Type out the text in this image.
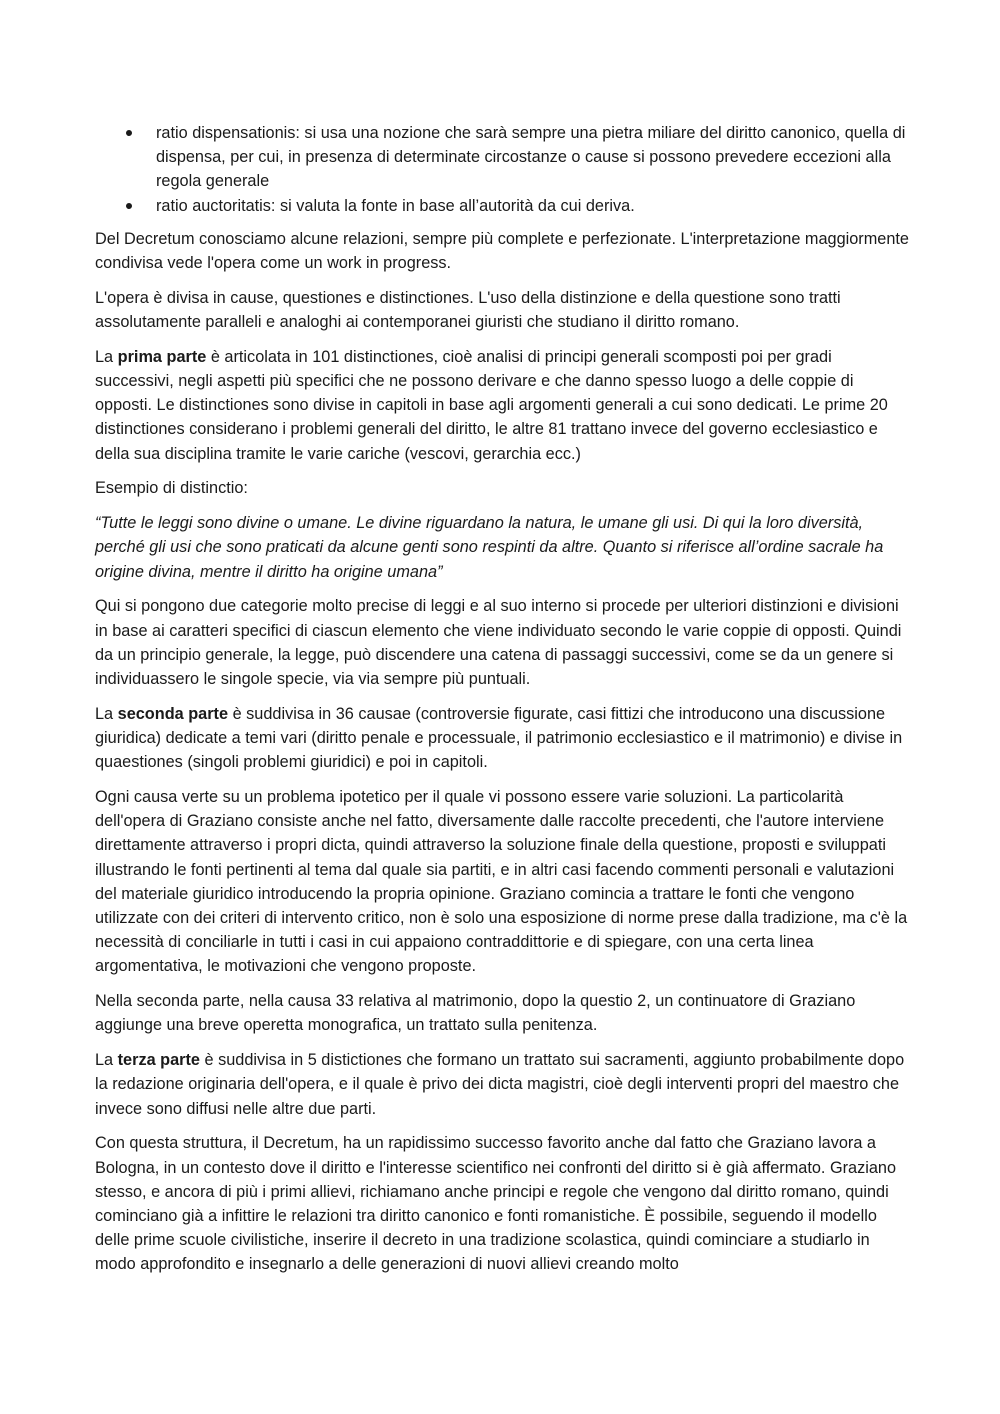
ratio dispensationis: si usa una nozione che sarà sempre una pietra miliare del diritto canonico, quella di dispensa, per cui, in presenza di determinate circostanze o cause si possono prevedere eccezioni alla regola generale
ratio auctoritatis: si valuta la fonte in base all’autorità da cui deriva.

Del Decretum conosciamo alcune relazioni, sempre più complete e perfezionate. L'interpretazione maggiormente condivisa vede l'opera come un work in progress.

L'opera è divisa in cause, questiones e distinctiones. L'uso della distinzione e della questione sono tratti assolutamente paralleli e analoghi ai contemporanei giuristi che studiano il diritto romano.

La prima parte è articolata in 101 distinctiones, cioè analisi di principi generali scomposti poi per gradi successivi, negli aspetti più specifici che ne possono derivare e che danno spesso luogo a delle coppie di opposti. Le distinctiones sono divise in capitoli in base agli argomenti generali a cui sono dedicati. Le prime 20 distinctiones considerano i problemi generali del diritto, le altre 81 trattano invece del governo ecclesiastico e della sua disciplina tramite le varie cariche (vescovi, gerarchia ecc.)

Esempio di distinctio:

“Tutte le leggi sono divine o umane. Le divine riguardano la natura, le umane gli usi. Di qui la loro diversità, perché gli usi che sono praticati da alcune genti sono respinti da altre. Quanto si riferisce all’ordine sacrale ha origine divina, mentre il diritto ha origine umana”

Qui si pongono due categorie molto precise di leggi e al suo interno si procede per ulteriori distinzioni e divisioni in base ai caratteri specifici di ciascun elemento che viene individuato secondo le varie coppie di opposti. Quindi da un principio generale, la legge, può discendere una catena di passaggi successivi, come se da un genere si individuassero le singole specie, via via sempre più puntuali.

La seconda parte è suddivisa in 36 causae (controversie figurate, casi fittizi che introducono una discussione giuridica) dedicate a temi vari (diritto penale e processuale, il patrimonio ecclesiastico e il matrimonio) e divise in quaestiones (singoli problemi giuridici) e poi in capitoli.

Ogni causa verte su un problema ipotetico per il quale vi possono essere varie soluzioni. La particolarità dell'opera di Graziano consiste anche nel fatto, diversamente dalle raccolte precedenti, che l'autore interviene direttamente attraverso i propri dicta, quindi attraverso la soluzione finale della questione, proposti e sviluppati illustrando le fonti pertinenti al tema dal quale sia partiti, e in altri casi facendo commenti personali e valutazioni del materiale giuridico introducendo la propria opinione. Graziano comincia a trattare le fonti che vengono utilizzate con dei criteri di intervento critico, non è solo una esposizione di norme prese dalla tradizione, ma c'è la necessità di conciliarle in tutti i casi in cui appaiono contraddittorie e di spiegare, con una certa linea argomentativa, le motivazioni che vengono proposte.

Nella seconda parte, nella causa 33 relativa al matrimonio, dopo la questio 2, un continuatore di Graziano aggiunge una breve operetta monografica, un trattato sulla penitenza.

La terza parte è suddivisa in 5 distictiones che formano un trattato sui sacramenti, aggiunto probabilmente dopo la redazione originaria dell'opera, e il quale è privo dei dicta magistri, cioè degli interventi propri del maestro che invece sono diffusi nelle altre due parti.

Con questa struttura, il Decretum, ha un rapidissimo successo favorito anche dal fatto che Graziano lavora a Bologna, in un contesto dove il diritto e l'interesse scientifico nei confronti del diritto si è già affermato. Graziano stesso, e ancora di più i primi allievi, richiamano anche principi e regole che vengono dal diritto romano, quindi cominciano già a infittire le relazioni tra diritto canonico e fonti romanistiche. È possibile, seguendo il modello delle prime scuole civilistiche, inserire il decreto in una tradizione scolastica, quindi cominciare a studiarlo in modo approfondito e insegnarlo a delle generazioni di nuovi allievi creando molto
